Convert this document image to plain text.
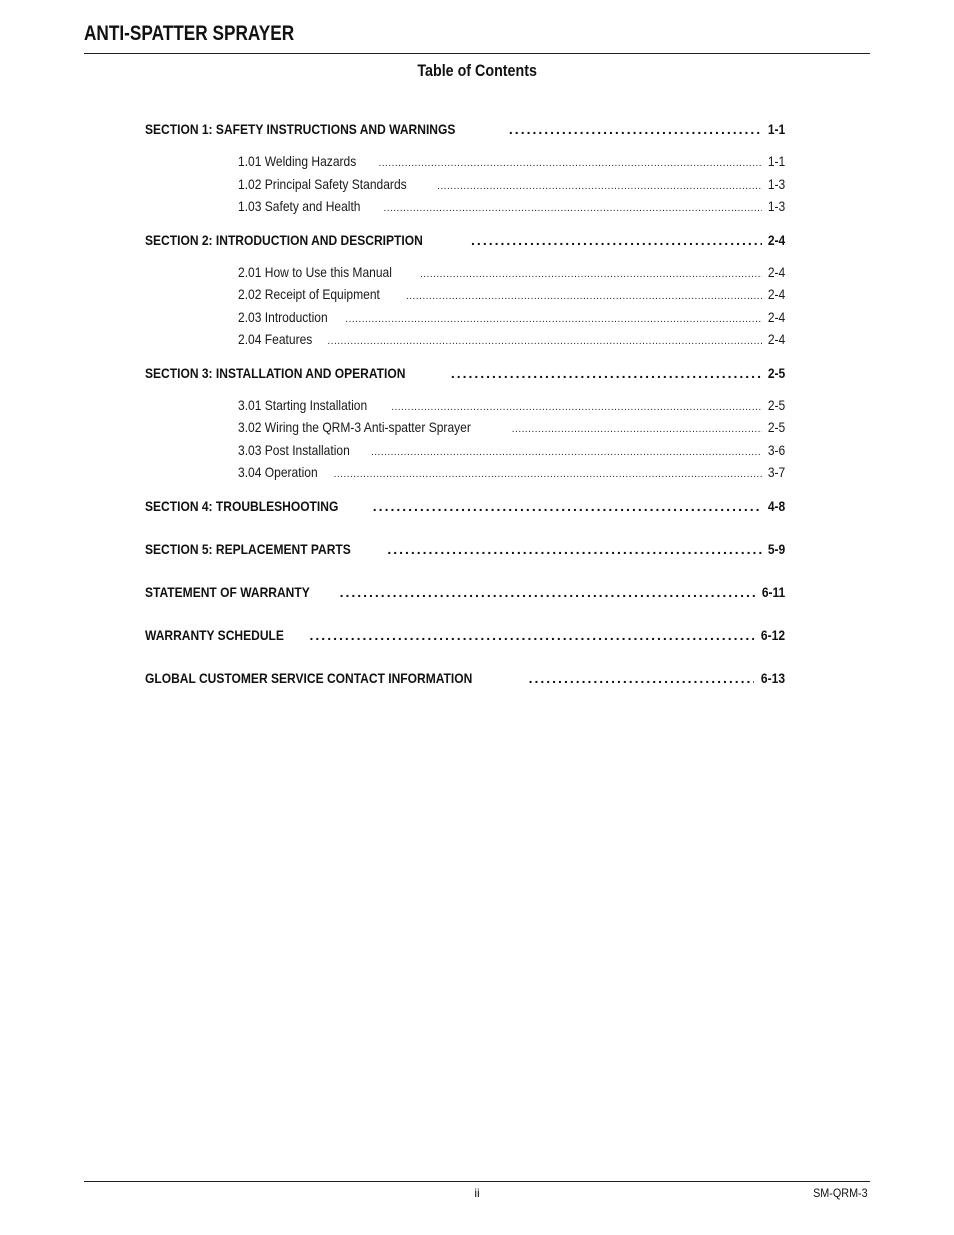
ANTI-SPATTER SPRAYER
Table of Contents
SECTION 1: SAFETY INSTRUCTIONS AND WARNINGS .....	1-1
1.01 Welding Hazards .....	1-1
1.02 Principal Safety Standards .....	1-3
1.03 Safety and Health .....	1-3
SECTION 2: INTRODUCTION AND DESCRIPTION .....	2-4
2.01 How to Use this Manual .....	2-4
2.02 Receipt of Equipment .....	2-4
2.03 Introduction .....	2-4
2.04 Features .....	2-4
SECTION 3: INSTALLATION AND OPERATION .....	2-5
3.01 Starting Installation .....	2-5
3.02 Wiring the QRM-3 Anti-spatter Sprayer .....	2-5
3.03 Post Installation .....	3-6
3.04 Operation .....	3-7
SECTION 4: TROUBLESHOOTING .....	4-8
SECTION 5: REPLACEMENT PARTS .....	5-9
STATEMENT OF WARRANTY .....	6-11
WARRANTY SCHEDULE .....	6-12
GLOBAL CUSTOMER SERVICE CONTACT INFORMATION .....	6-13
ii	SM-QRM-3
